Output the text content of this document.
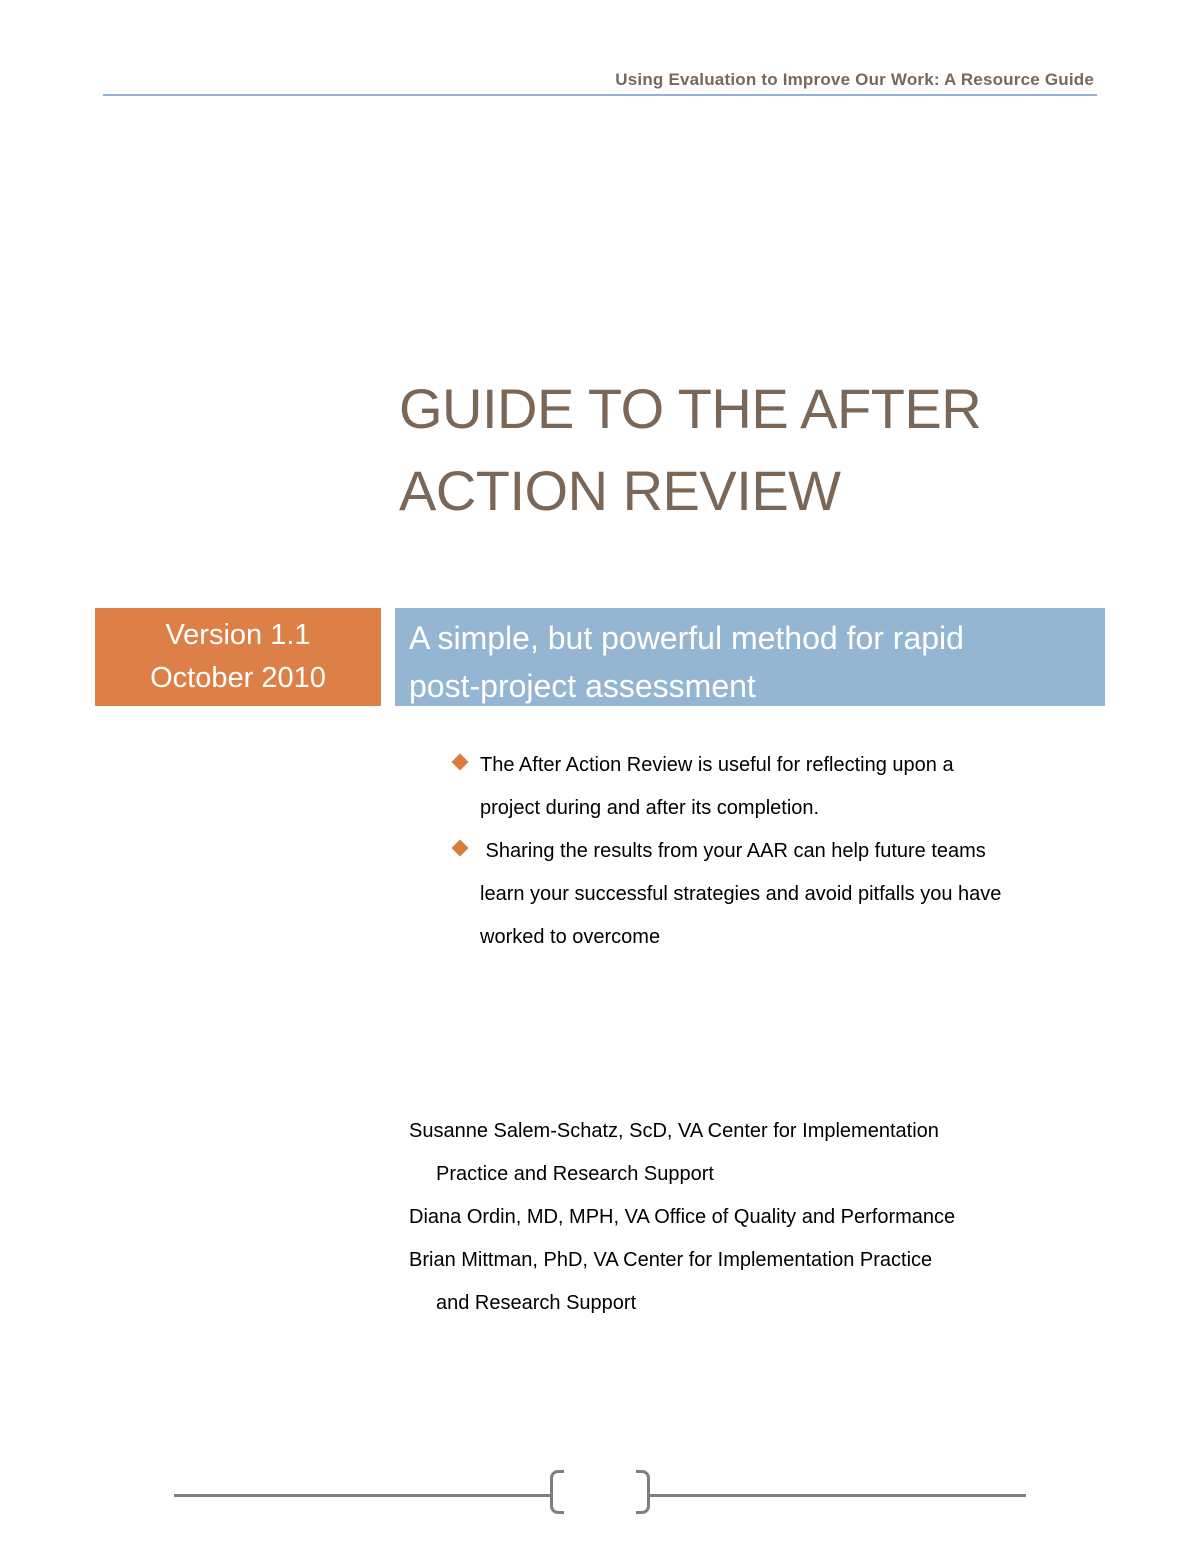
Using Evaluation to Improve Our Work: A Resource Guide
GUIDE TO THE AFTER
ACTION REVIEW
Version 1.1
October 2010
A simple, but powerful method for rapid
post-project assessment
The After Action Review is useful for reflecting upon a
project during and after its completion.
Sharing the results from your AAR can help future teams
learn your successful strategies and avoid pitfalls you have
worked to overcome
Susanne Salem-Schatz, ScD, VA Center for Implementation
Practice and Research Support
Diana Ordin, MD, MPH, VA Office of Quality and Performance
Brian Mittman, PhD, VA Center for Implementation Practice
and Research Support
